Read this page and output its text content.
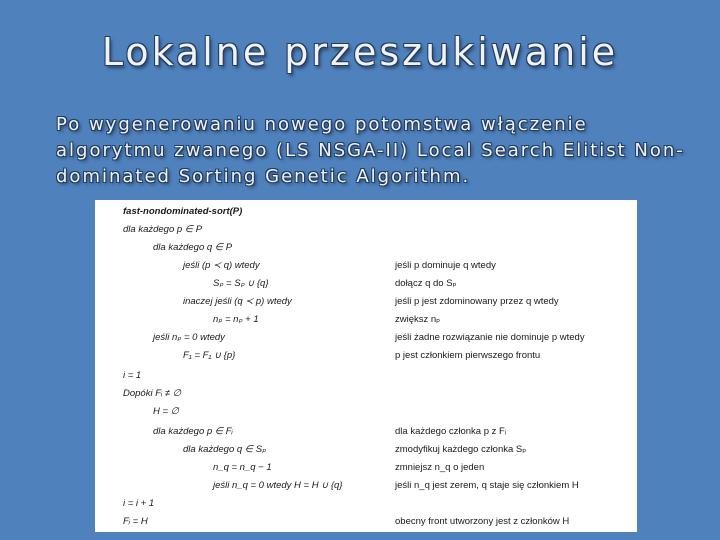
Lokalne przeszukiwanie
Po wygenerowaniu nowego potomstwa włączenie algorytmu zwanego (LS NSGA-II) Local Search Elitist Non-dominated Sorting Genetic Algorithm.
fast-nondominated-sort(P)
dla każdego p ∈ P
dla każdego q ∈ P
jeśli (p ≺ q) wtedy	jeśli p dominuje q wtedy
Sₚ = Sₚ ∪ {q}	dołącz q do Sₚ
inaczej jeśli (q ≺ p) wtedy	jeśli p jest zdominowany przez q wtedy
nₚ = nₚ + 1	zwiększ nₚ
jeśli nₚ = 0 wtedy	jeśli żadne rozwiązanie nie dominuje p wtedy
F₁ = F₁ ∪ {p}	p jest członkiem pierwszego frontu
i = 1
Dopóki Fᵢ ≠ ∅
H = ∅
dla każdego p ∈ Fᵢ	dla każdego członka p z Fᵢ
dla każdego q ∈ Sₚ	zmodyfikuj każdego członka Sₚ
n_q = n_q − 1	zmniejsz n_q o jeden
jeśli n_q = 0 wtedy H = H ∪ {q}	jeśli n_q jest zerem, q staje się członkiem H
i = i + 1
Fᵢ = H	obecny front utworzony jest z członków H
